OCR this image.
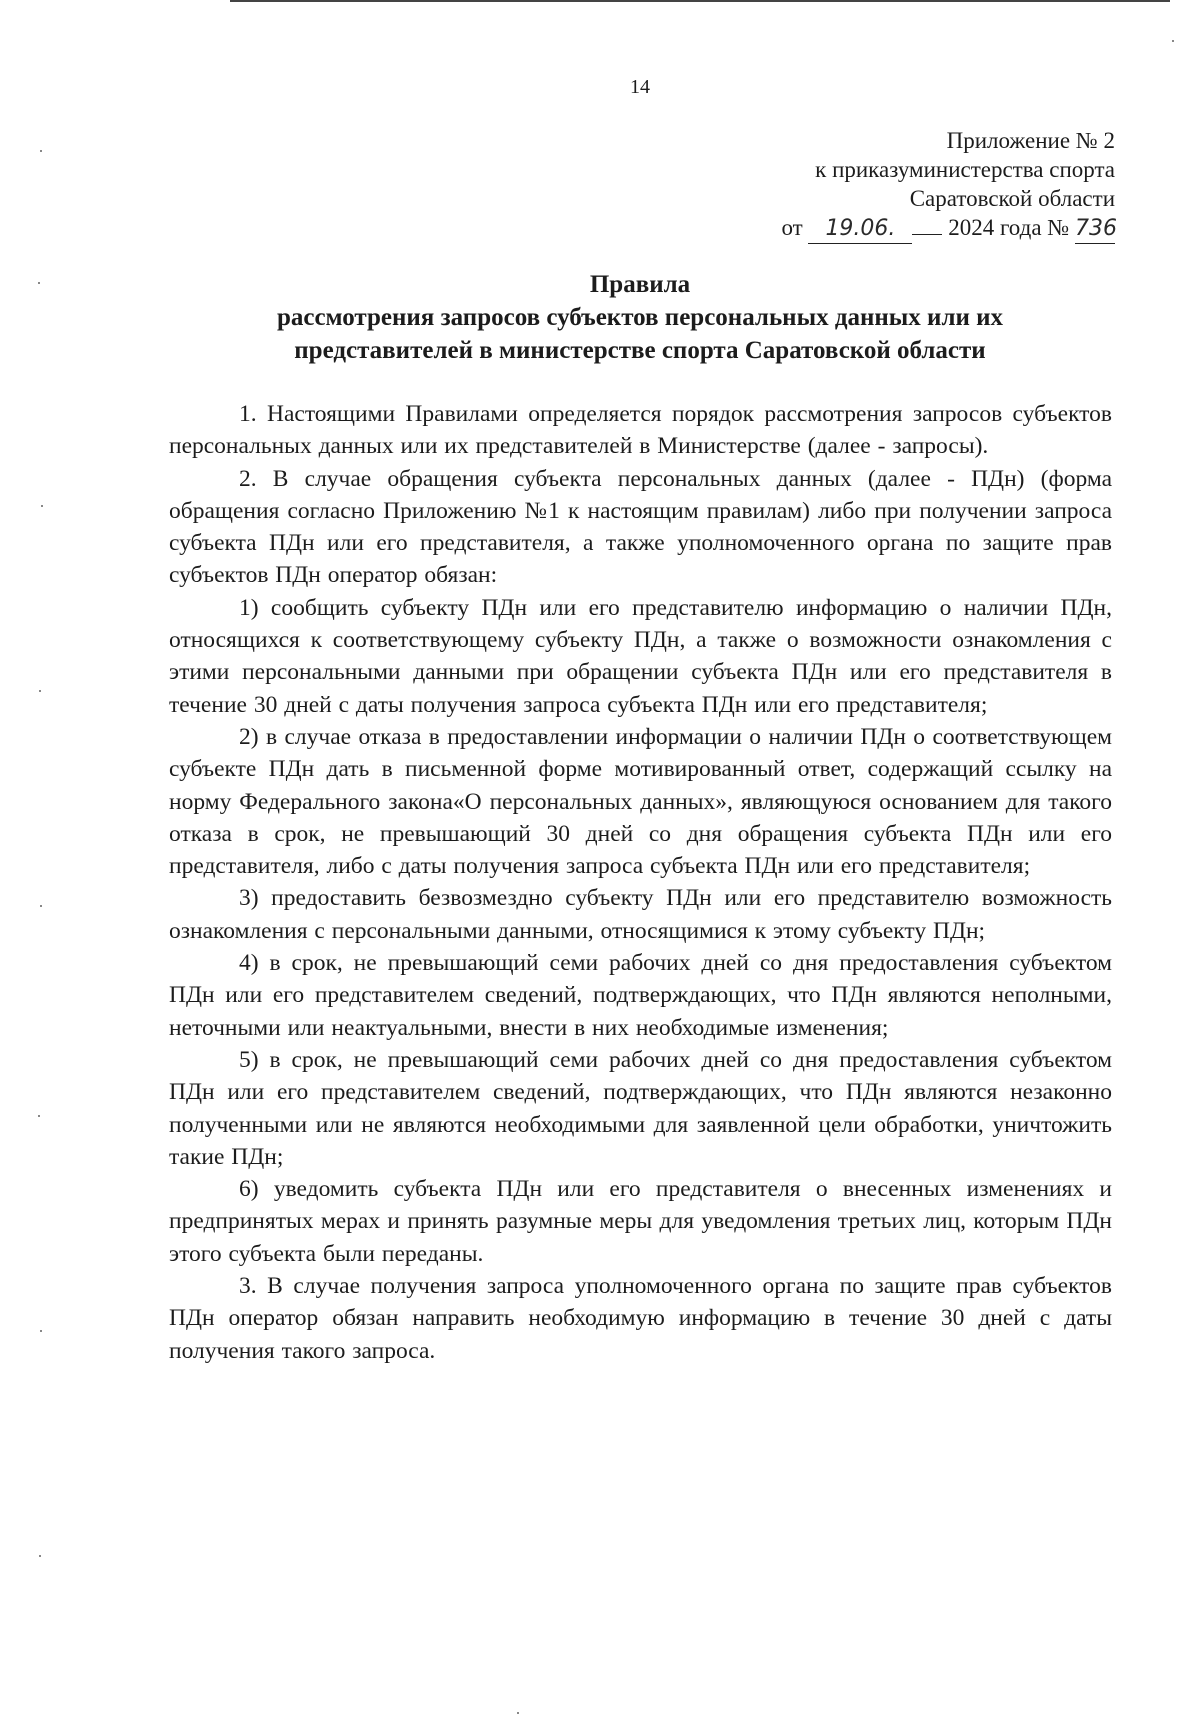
14
Приложение № 2
к приказуминистерства спорта
Саратовской области
от 19.06. 2024 года № 736
Правила
рассмотрения запросов субъектов персональных данных или их
представителей в министерстве спорта Саратовской области

1. Настоящими Правилами определяется порядок рассмотрения запросов субъектов персональных данных или их представителей в Министерстве (далее - запросы).

2. В случае обращения субъекта персональных данных (далее - ПДн) (форма обращения согласно Приложению №1 к настоящим правилам) либо при получении запроса субъекта ПДн или его представителя, а также уполномоченного органа по защите прав субъектов ПДн оператор обязан:

1) сообщить субъекту ПДн или его представителю информацию о наличии ПДн, относящихся к соответствующему субъекту ПДн, а также о возможности ознакомления с этими персональными данными при обращении субъекта ПДн или его представителя в течение 30 дней с даты получения запроса субъекта ПДн или его представителя;

2) в случае отказа в предоставлении информации о наличии ПДн о соответствующем субъекте ПДн дать в письменной форме мотивированный ответ, содержащий ссылку на норму Федерального закона«О персональных данных», являющуюся основанием для такого отказа в срок, не превышающий 30 дней со дня обращения субъекта ПДн или его представителя, либо с даты получения запроса субъекта ПДн или его представителя;

3) предоставить безвозмездно субъекту ПДн или его представителю возможность ознакомления с персональными данными, относящимися к этому субъекту ПДн;

4) в срок, не превышающий семи рабочих дней со дня предоставления субъектом ПДн или его представителем сведений, подтверждающих, что ПДн являются неполными, неточными или неактуальными, внести в них необходимые изменения;

5) в срок, не превышающий семи рабочих дней со дня предоставления субъектом ПДн или его представителем сведений, подтверждающих, что ПДн являются незаконно полученными или не являются необходимыми для заявленной цели обработки, уничтожить такие ПДн;

6) уведомить субъекта ПДн или его представителя о внесенных изменениях и предпринятых мерах и принять разумные меры для уведомления третьих лиц, которым ПДн этого субъекта были переданы.

3. В случае получения запроса уполномоченного органа по защите прав субъектов ПДн оператор обязан направить необходимую информацию в течение 30 дней с даты получения такого запроса.
